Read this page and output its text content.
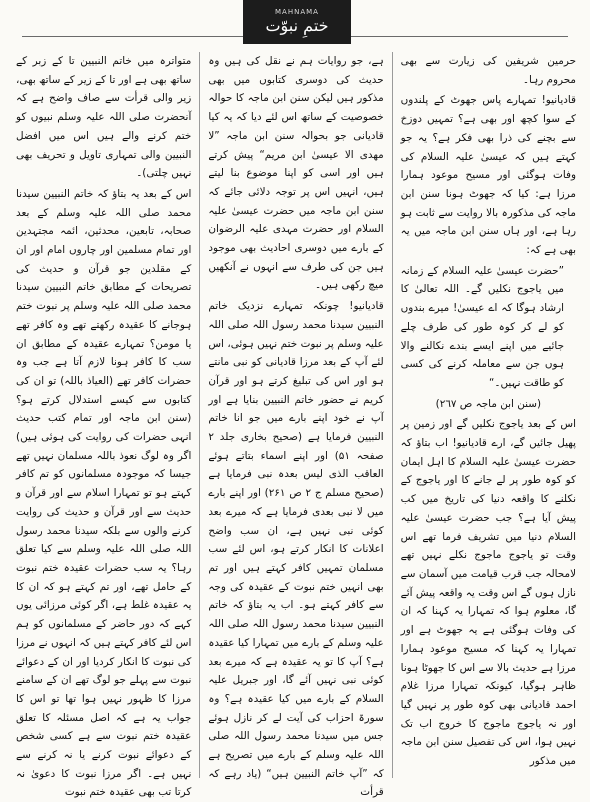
MAHNAMA
ختمِ نبوّت

حرمین شریفین کی زیارت سے بھی محروم رہا۔

قادیانیو! تمہارے پاس جھوٹ کے پلندوں کے سوا کچھ اور بھی ہے؟ تمہیں دوزخ سے بچنے کی ذرا بھی فکر ہے؟ یہ جو کہتے ہیں کہ عیسیٰ علیہ السلام کی وفات ہوگئی اور مسیح موعود ہمارا مرزا ہے: کیا کہ جھوٹ ہونا سنن ابن ماجہ کی مذکورہ بالا روایت سے ثابت ہو رہا ہے، اور ہاں سنن ابن ماجہ میں یہ بھی ہے کہ:

”حضرت عیسیٰ علیہ السلام کے زمانہ میں یاجوج نکلیں گے۔ اللہ تعالیٰ کا ارشاد ہوگا کہ اے عیسیٰ! میرے بندوں کو لے کر کوہ طور کی طرف چلے جائیے میں اپنے ایسے بندے نکالنے والا ہوں جن سے معاملہ کرنے کی کسی کو طاقت نہیں۔“

(سنن ابن ماجہ ص ٢٦٧)

اس کے بعد یاجوج نکلیں گے اور زمین پر پھیل جائیں گے، ارے قادیانیو! اب بتاؤ کہ حضرت عیسیٰ علیہ السلام کا اہل ایمان کو کوہ طور پر لے جانے کا اور یاجوج کے نکلنے کا واقعہ دنیا کی تاریخ میں کب پیش آیا ہے؟ جب حضرت عیسیٰ علیہ السلام دنیا میں تشریف فرما تھے اس وقت تو یاجوج ماجوج نکلے نہیں تھے لامحالہ جب قرب قیامت میں آسمان سے نازل ہوں گے اس وقت یہ واقعہ پیش آئے گا، معلوم ہوا کہ تمہارا یہ کہنا کہ ان کی وفات ہوگئی ہے یہ جھوٹ ہے اور تمہارا یہ کہنا کہ مسیح موعود ہمارا مرزا ہے حدیث بالا سے اس کا جھوٹا ہونا ظاہر ہوگیا، کیونکہ تمہارا مرزا غلام احمد قادیانی بھی کوہ طور پر نہیں گیا اور نہ یاجوج ماجوج کا خروج اب تک نہیں ہوا، اس کی تفصیل سنن ابن ماجہ میں مذکور

ہے، جو روایات ہم نے نقل کی ہیں وہ حدیث کی دوسری کتابوں میں بھی مذکور ہیں لیکن سنن ابن ماجہ کا حوالہ خصوصیت کے ساتھ اس لئے دیا کہ یہ کیا قادیانی جو بحوالہ سنن ابن ماجہ ”لا مھدی الا عیسیٰ ابن مریم“ پیش کرتے ہیں اور اسی کو اپنا موضوع بنا لیتے ہیں، انہیں اس پر توجہ دلائی جائے کہ سنن ابن ماجہ میں حضرت عیسیٰ علیہ السلام اور حضرت مہدی علیہ الرضوان کے بارے میں دوسری احادیث بھی موجود ہیں جن کی طرف سے انہوں نے آنکھیں میچ رکھی ہیں۔

قادیانیو! چونکہ تمہارے نزدیک خاتم النبیین سیدنا محمد رسول اللہ صلی اللہ علیہ وسلم پر نبوت ختم نہیں ہوئی، اس لئے آپ کے بعد مرزا قادیانی کو نبی مانتے ہو اور اس کی تبلیغ کرتے ہو اور قرآن کریم نے حضور خاتم النبیین بنایا ہے اور آپ نے خود اپنے بارے میں جو انا خاتم النبیین فرمایا ہے (صحیح بخاری جلد ۲ صفحہ ۵۱) اور اپنے اسماء بتاتے ہوئے العاقب الذی لیس بعدہ نبی فرمایا ہے (صحیح مسلم ج ۲ ص ۲۶۱) اور اپنے بارے میں لا نبی بعدی فرمایا ہے کہ میرے بعد کوئی نبی نہیں ہے، ان سب واضح اعلانات کا انکار کرتے ہو، اس لئے سب مسلمان تمہیں کافر کہتے ہیں اور تم بھی انہیں ختم نبوت کے عقیدہ کی وجہ سے کافر کہتے ہو۔ اب یہ بتاؤ کہ خاتم النبیین سیدنا محمد رسول اللہ صلی اللہ علیہ وسلم کے بارے میں تمہارا کیا عقیدہ ہے؟ آپ کا تو یہ عقیدہ ہے کہ میرے بعد کوئی نبی نہیں آئے گا، اور جبریل علیہ السلام کے بارے میں کیا عقیدہ ہے؟ وہ سورۃ احزاب کی آیت لے کر نازل ہوئے جس میں سیدنا محمد رسول اللہ صلی اللہ علیہ وسلم کے بارے میں تصریح ہے کہ ”آپ خاتم النبیین ہیں“ (یاد رہے کہ قرأت

متواترہ میں خاتم النبیین تا کے زبر کے ساتھ بھی ہے اور تا کے زیر کے ساتھ بھی، زیر والی قرأت سے صاف واضح ہے کہ آنحضرت صلی اللہ علیہ وسلم نبیوں کو ختم کرنے والے ہیں اس میں افضل النبیین والی تمہاری تاویل و تحریف بھی نہیں چلتی)۔

اس کے بعد یہ بتاؤ کہ خاتم النبیین سیدنا محمد صلی اللہ علیہ وسلم کے بعد صحابہ، تابعین، محدثین، ائمہ مجتہدین اور تمام مسلمین اور چاروں امام اور ان کے مقلدین جو قرآن و حدیث کی تصریحات کے مطابق خاتم النبیین سیدنا محمد صلی اللہ علیہ وسلم پر نبوت ختم ہوجانے کا عقیدہ رکھتے تھے وہ کافر تھے یا مومن؟ تمہارے عقیدہ کے مطابق ان سب کا کافر ہونا لازم آتا ہے جب وہ حضرات کافر تھے (العیاذ باللہ) تو ان کی کتابوں سے کیسے استدلال کرتے ہو؟ (سنن ابن ماجہ اور تمام کتب حدیث انہی حضرات کی روایت کی ہوئی ہیں) اگر وہ لوگ نعوذ باللہ مسلمان نہیں تھے جیسا کہ موجودہ مسلمانوں کو تم کافر کہتے ہو تو تمہارا اسلام سے اور قرآن و حدیث سے اور قرآن و حدیث کی روایت کرنے والوں سے بلکہ سیدنا محمد رسول اللہ صلی اللہ علیہ وسلم سے کیا تعلق رہا؟ یہ سب حضرات عقیدہ ختم نبوت کے حامل تھے، اور تم کہتے ہو کہ ان کا یہ عقیدہ غلط ہے، اگر کوئی مرزائی یوں کہے کہ دور حاضر کے مسلمانوں کو ہم اس لئے کافر کہتے ہیں کہ انہوں نے مرزا کی نبوت کا انکار کردیا اور ان کے دعوائے نبوت سے پہلے جو لوگ تھے ان کے سامنے مرزا کا ظہور نہیں ہوا تھا تو اس کا جواب یہ ہے کہ اصل مسئلہ کا تعلق عقیدہ ختم نبوت سے ہے کسی شخص کے دعوائے نبوت کرنے یا نہ کرنے سے نہیں ہے۔ اگر مرزا نبوت کا دعویٰ نہ کرتا تب بھی عقیدہ ختم نبوت
